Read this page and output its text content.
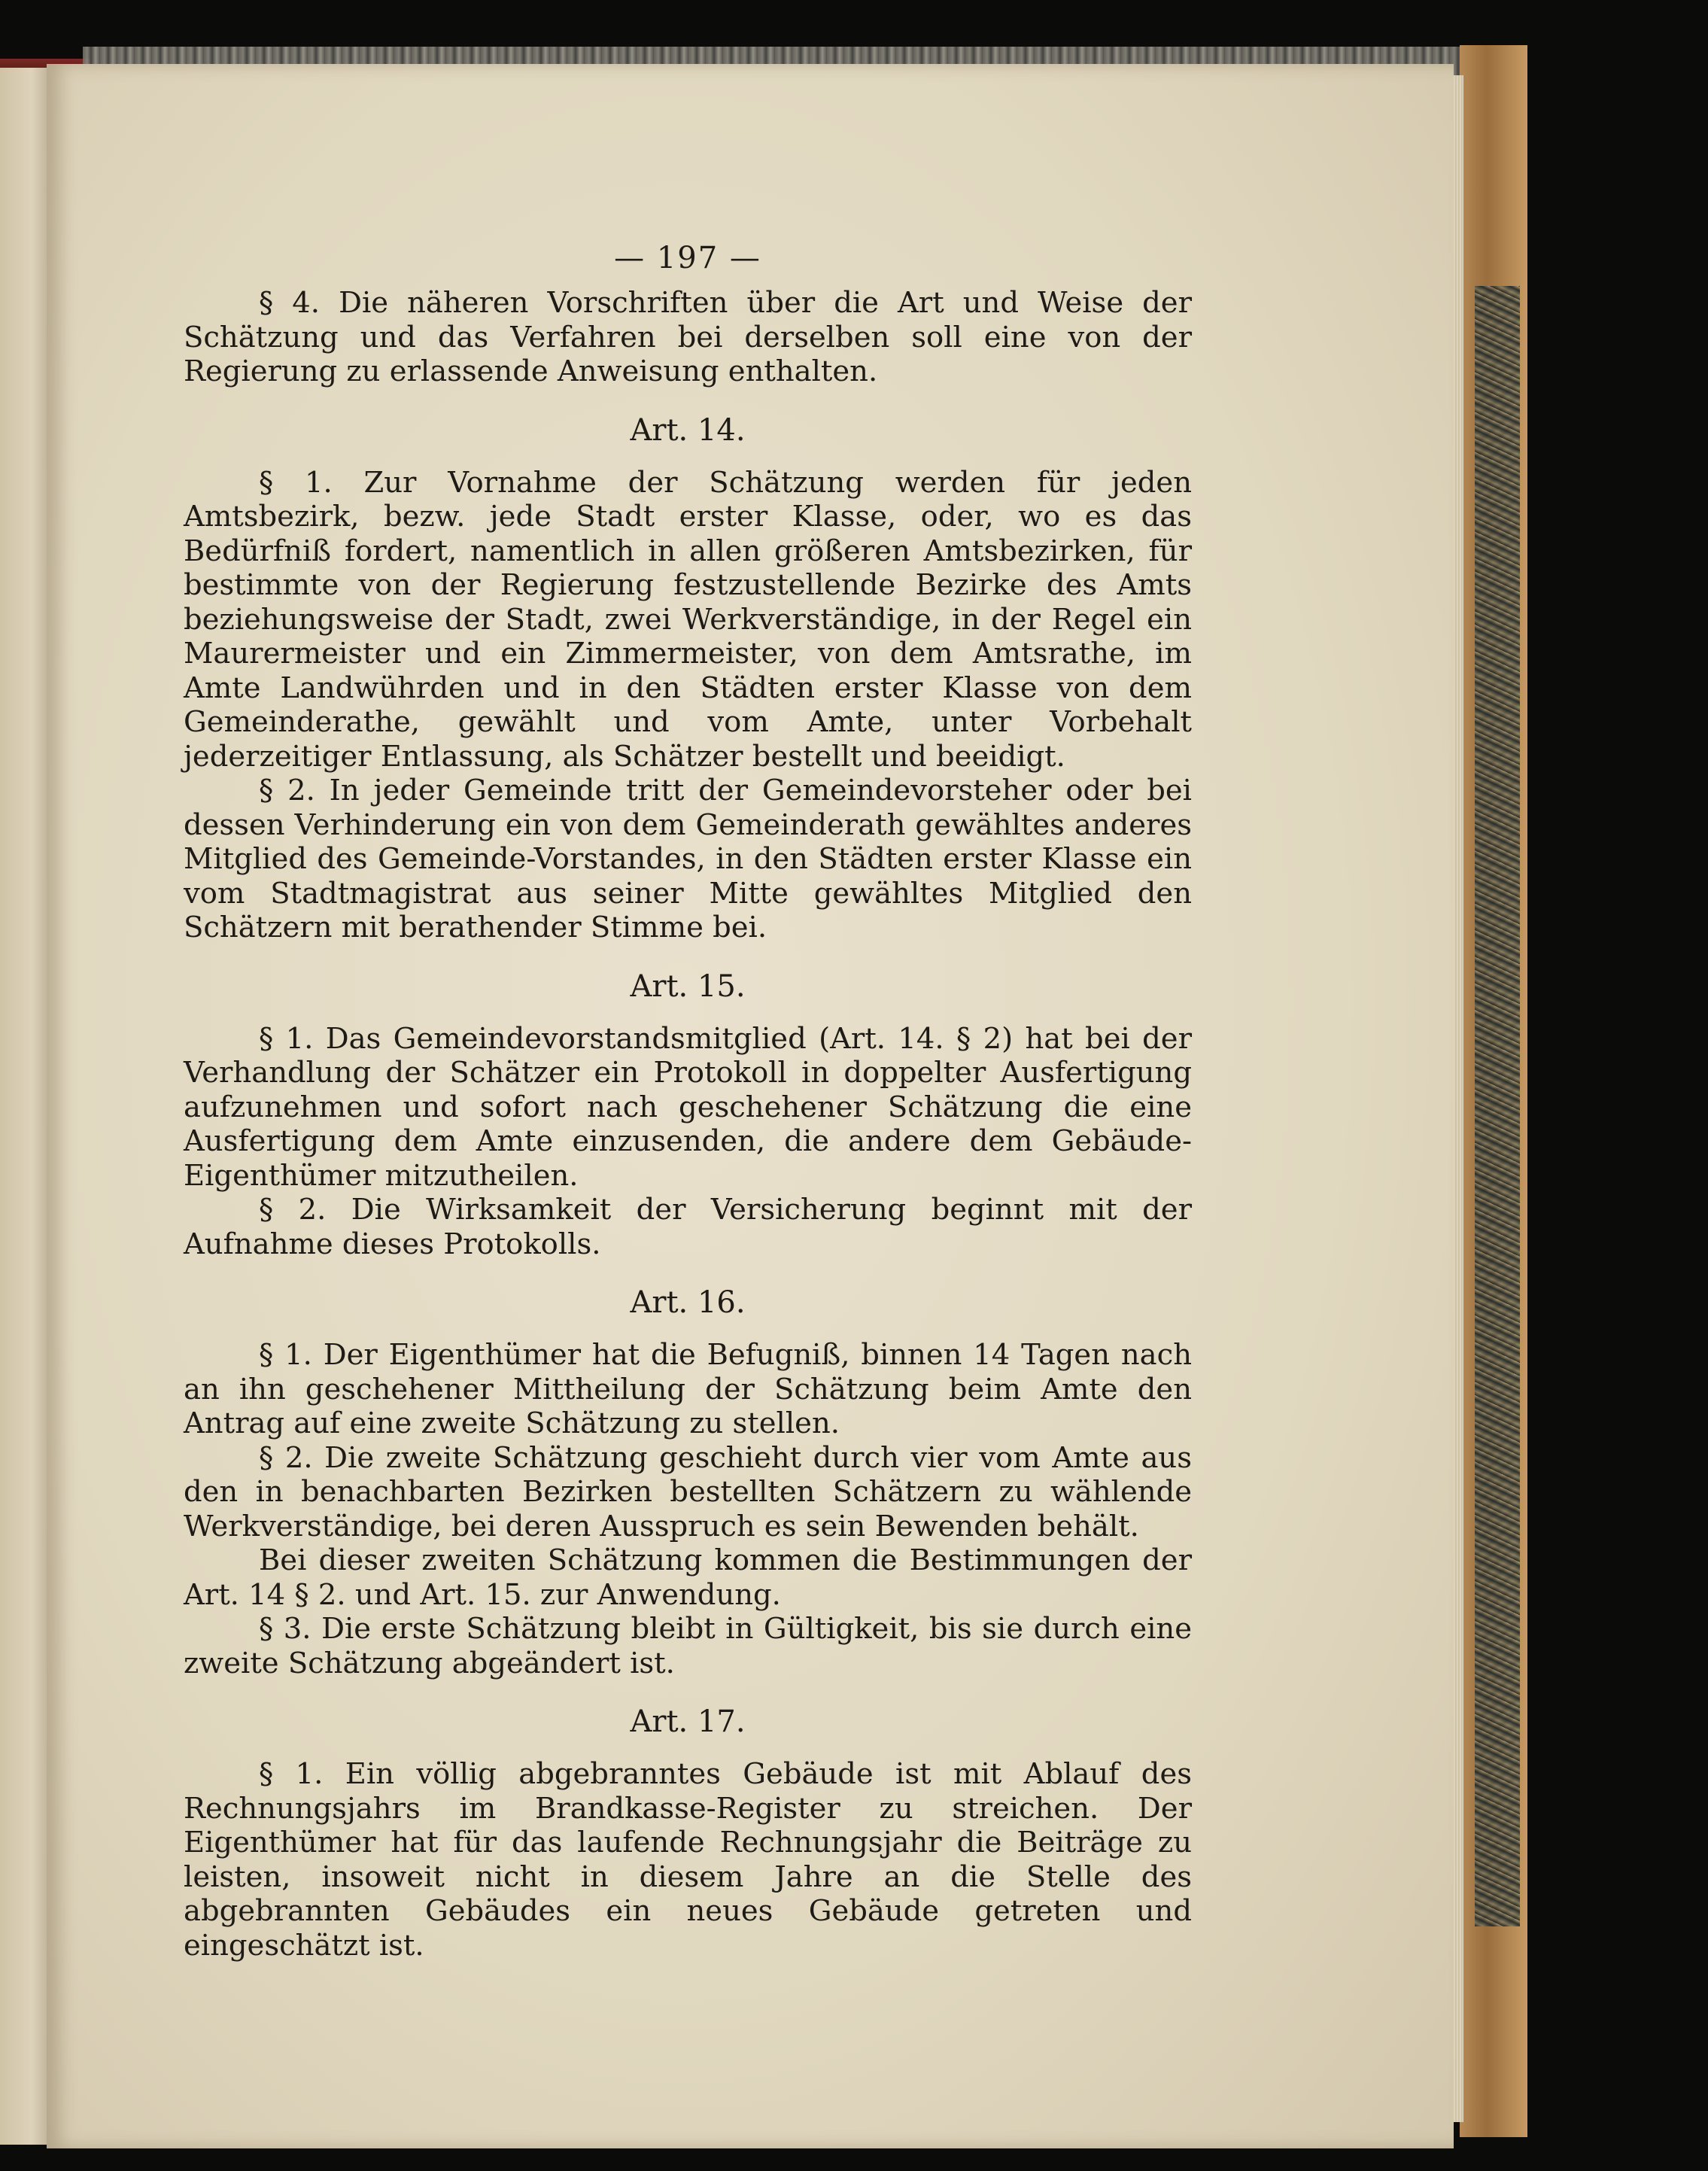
— 197 —

§ 4. Die näheren Vorschriften über die Art und Weise der Schätzung und das Verfahren bei derselben soll eine von der Regierung zu erlassende Anweisung enthalten.

Art. 14.

§ 1. Zur Vornahme der Schätzung werden für jeden Amtsbezirk, bezw. jede Stadt erster Klasse, oder, wo es das Bedürfniß fordert, namentlich in allen größeren Amtsbezirken, für bestimmte von der Regierung festzustellende Bezirke des Amts beziehungsweise der Stadt, zwei Werkverständige, in der Regel ein Maurermeister und ein Zimmermeister, von dem Amtsrathe, im Amte Landwührden und in den Städten erster Klasse von dem Gemeinderathe, gewählt und vom Amte, unter Vorbehalt jederzeitiger Entlassung, als Schätzer bestellt und beeidigt.

§ 2. In jeder Gemeinde tritt der Gemeindevorsteher oder bei dessen Verhinderung ein von dem Gemeinderath gewähltes anderes Mitglied des Gemeinde-Vorstandes, in den Städten erster Klasse ein vom Stadtmagistrat aus seiner Mitte gewähltes Mitglied den Schätzern mit berathender Stimme bei.

Art. 15.

§ 1. Das Gemeindevorstandsmitglied (Art. 14. § 2) hat bei der Verhandlung der Schätzer ein Protokoll in doppelter Ausfertigung aufzunehmen und sofort nach geschehener Schätzung die eine Ausfertigung dem Amte einzusenden, die andere dem Gebäude-Eigenthümer mitzutheilen.

§ 2. Die Wirksamkeit der Versicherung beginnt mit der Aufnahme dieses Protokolls.

Art. 16.

§ 1. Der Eigenthümer hat die Befugniß, binnen 14 Tagen nach an ihn geschehener Mittheilung der Schätzung beim Amte den Antrag auf eine zweite Schätzung zu stellen.

§ 2. Die zweite Schätzung geschieht durch vier vom Amte aus den in benachbarten Bezirken bestellten Schätzern zu wählende Werkverständige, bei deren Ausspruch es sein Bewenden behält.

Bei dieser zweiten Schätzung kommen die Bestimmungen der Art. 14 § 2. und Art. 15. zur Anwendung.

§ 3. Die erste Schätzung bleibt in Gültigkeit, bis sie durch eine zweite Schätzung abgeändert ist.

Art. 17.

§ 1. Ein völlig abgebranntes Gebäude ist mit Ablauf des Rechnungsjahrs im Brandkasse-Register zu streichen. Der Eigenthümer hat für das laufende Rechnungsjahr die Beiträge zu leisten, insoweit nicht in diesem Jahre an die Stelle des abgebrannten Gebäudes ein neues Gebäude getreten und eingeschätzt ist.
